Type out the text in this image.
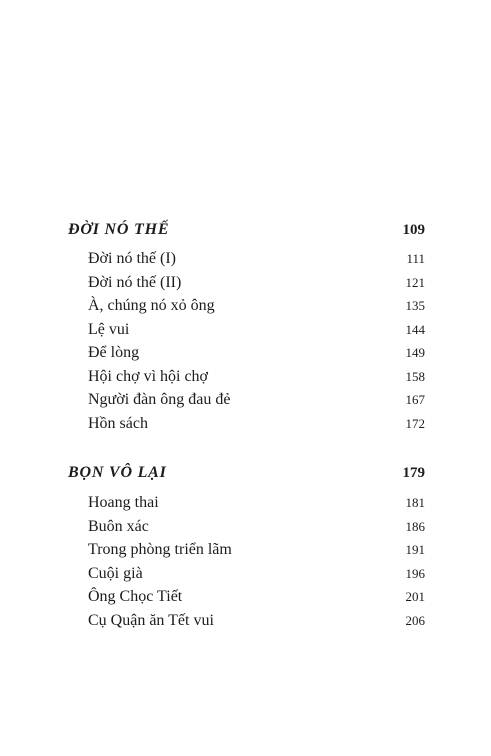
ĐỜI NÓ THẾ	109
Đời nó thế (I)	111
Đời nó thế (II)	121
À, chúng nó xỏ ông	135
Lệ vui	144
Để lòng	149
Hội chợ vì hội chợ	158
Người đàn ông đau đẻ	167
Hồn sách	172
BỌN VÔ LẠI	179
Hoang thai	181
Buôn xác	186
Trong phòng triển lãm	191
Cuội già	196
Ông Chọc Tiết	201
Cụ Quận ăn Tết vui	206
